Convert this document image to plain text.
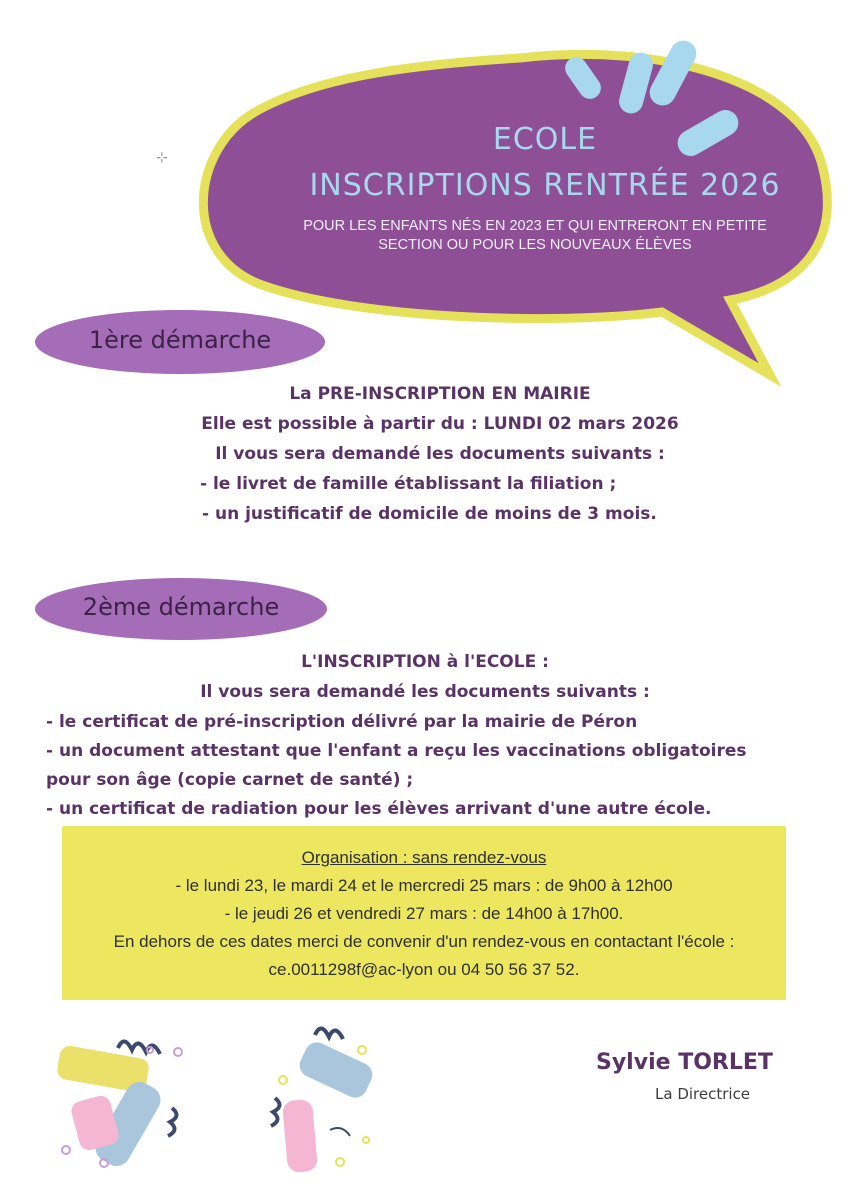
⊹
ECOLE
INSCRIPTIONS RENTRÉE 2026
POUR LES ENFANTS NÉS EN 2023 ET QUI ENTRERONT EN PETITE
SECTION OU POUR LES NOUVEAUX ÉLÈVES
1ère démarche
La PRE-INSCRIPTION EN MAIRIE
Elle est possible à partir du : LUNDI 02 mars 2026
Il vous sera demandé les documents suivants :
- le livret de famille établissant la filiation ;
- un justificatif de domicile de moins de 3 mois.
2ème démarche
L'INSCRIPTION à l'ECOLE :
Il vous sera demandé les documents suivants :
- le certificat de pré-inscription délivré par la mairie de Péron
- un document attestant que l'enfant a reçu les vaccinations obligatoires
pour son âge (copie carnet de santé) ;
- un certificat de radiation pour les élèves arrivant d'une autre école.
Organisation : sans rendez-vous
- le lundi 23, le mardi 24 et le mercredi 25 mars : de 9h00 à 12h00
- le jeudi 26 et vendredi 27 mars : de 14h00 à 17h00.
En dehors de ces dates merci de convenir d'un rendez-vous en contactant l'école :
ce.0011298f@ac-lyon ou 04 50 56 37 52.
Sylvie TORLET
La Directrice
